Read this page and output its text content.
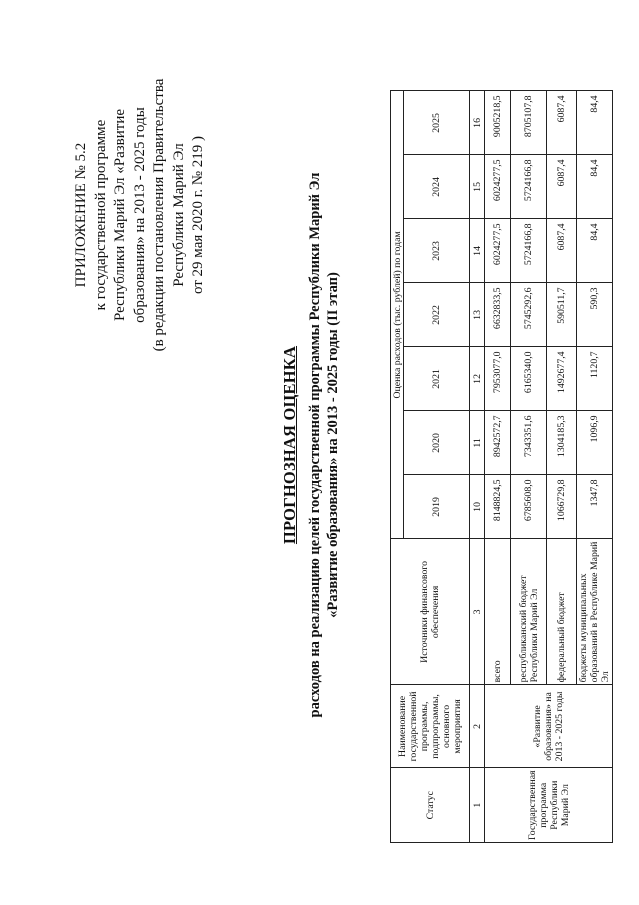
ПРИЛОЖЕНИЕ № 5.2 к государственной программе Республики Марий Эл «Развитие образования» на 2013 - 2025 годы (в редакции постановления Правительства Республики Марий Эл от 29 мая 2020 г. № 219 )
ПРОГНОЗНАЯ ОЦЕНКА расходов на реализацию целей государственной программы Республики Марий Эл «Развитие образования» на 2013 - 2025 годы (II этап)
Статус	Наименование государственной программы, подпрограммы, основного мероприятия	Источники финансового обеспечения	Оценка расходов (тыс. рублей) по годам						
			2019	2020	2021	2022	2023	2024	2025
1	2	3	10	11	12	13	14	15	16
Государственная программа Республики Марий Эл	«Развитие образования» на 2013 - 2025 годы	всего	8148824,5	8942572,7	7953077,0	6632833,5	6024277,5	6024277,5	9005218,5
		республиканский бюджет Республики Марий Эл	6785608,0	7343351,6	6165340,0	5745292,6	5724166,8	5724166,8	8705107,8
		федеральный бюджет	1066729,8	1304185,3	1492677,4	590511,7	6087,4	6087,4	6087,4
		бюджеты муниципальных образований в Республике Марий Эл	1347,8	1096,9	1120,7	590,3	84,4	84,4	84,4
